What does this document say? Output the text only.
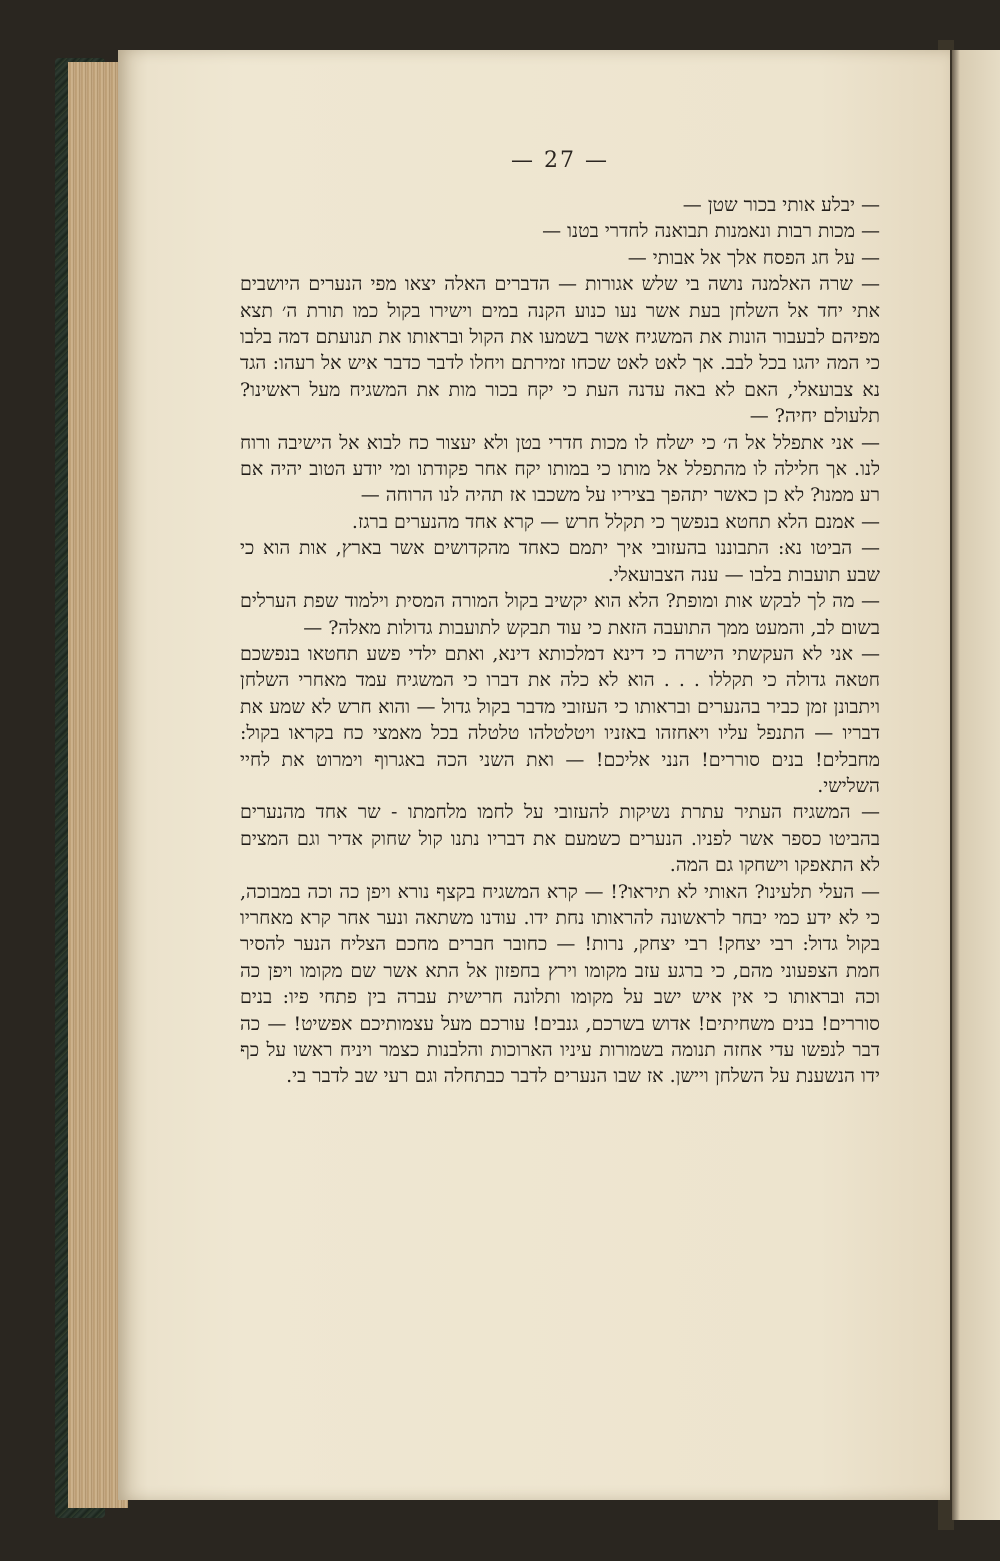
— 27 —

— יבלע אותי בכור שטן —

— מכות רבות ונאמנות תבואנה לחדרי בטנו —

— על חג הפסח אלך אל אבותי —

— שרה האלמנה נושה בי שלש אגורות — הדברים האלה יצאו מפי הנערים היושבים אתי יחד אל השלחן בעת אשר נעו כנוע הקנה במים וישירו בקול כמו תורת ה׳ תצא מפיהם לבעבור הונות את המשגיח אשר בשמעו את הקול ובראותו את תנועתם דמה בלבו כי המה יהגו בכל לבב. אך לאט לאט שכחו זמירתם ויחלו לדבר כדבר איש אל רעהו: הגד נא צבועאלי, האם לא באה עדנה העת כי יקח בכור מות את המשגיח מעל ראשינו? תלעולם יחיה? —

— אני אתפלל אל ה׳ כי ישלח לו מכות חדרי בטן ולא יעצור כח לבוא אל הישיבה ורוח לנו. אך חלילה לו מהתפלל אל מותו כי במותו יקח אחר פקודתו ומי יודע הטוב יהיה אם רע ממנו? לא כן כאשר יתהפך בציריו על משכבו אז תהיה לנו הרוחה —

— אמנם הלא תחטא בנפשך כי תקלל חרש — קרא אחד מהנערים ברגז.

— הביטו נא: התבוננו בהעזובי איך יתמם כאחד מהקדושים אשר בארץ, אות הוא כי שבע תועבות בלבו — ענה הצבועאלי.

— מה לך לבקש אות ומופת? הלא הוא יקשיב בקול המורה המסית וילמוד שפת הערלים בשום לב, והמעט ממך התועבה הזאת כי עוד תבקש לתועבות גדולות מאלה? —

— אני לא העקשתי הישרה כי דינא דמלכותא דינא, ואתם ילדי פשע תחטאו בנפשכם חטאה גדולה כי תקללו . . . הוא לא כלה את דברו כי המשגיח עמד מאחרי השלחן ויתבונן זמן כביר בהנערים ובראותו כי העזובי מדבר בקול גדול — והוא חרש לא שמע את דבריו — התנפל עליו ויאחזהו באזניו ויטלטלהו טלטלה בכל מאמצי כח בקראו בקול: מחבלים! בנים סוררים! הנני אליכם! — ואת השני הכה באגרוף וימרוט את לחיי השלישי.

— המשגיח העתיר עתרת נשיקות להעזובי על לחמו מלחמתו - שר אחד מהנערים בהביטו כספר אשר לפניו. הנערים כשמעם את דבריו נתנו קול שחוק אדיר וגם המצים לא התאפקו וישחקו גם המה.

— העלי תלעינו? האותי לא תיראו?! — קרא המשגיח בקצף נורא ויפן כה וכה במבוכה, כי לא ידע כמי יבחר לראשונה להראותו נחת ידו. עודנו משתאה ונער אחר קרא מאחריו בקול גדול: רבי יצחק! רבי יצחק, נרות! — כחובר חברים מחכם הצליח הנער להסיר חמת הצפעוני מהם, כי ברגע עזב מקומו וירץ בחפזון אל התא אשר שם מקומו ויפן כה וכה ובראותו כי אין איש ישב על מקומו ותלונה חרישית עברה בין פתחי פיו: בנים סוררים! בנים משחיתים! אדוש בשרכם, גנבים! עורכם מעל עצמותיכם אפשיט! — כה דבר לנפשו עדי אחזה תנומה בשמורות עיניו הארוכות והלבנות כצמר ויניח ראשו על כף ידו הנשענת על השלחן ויישן. אז שבו הנערים לדבר כבתחלה וגם רעי שב לדבר בי.
